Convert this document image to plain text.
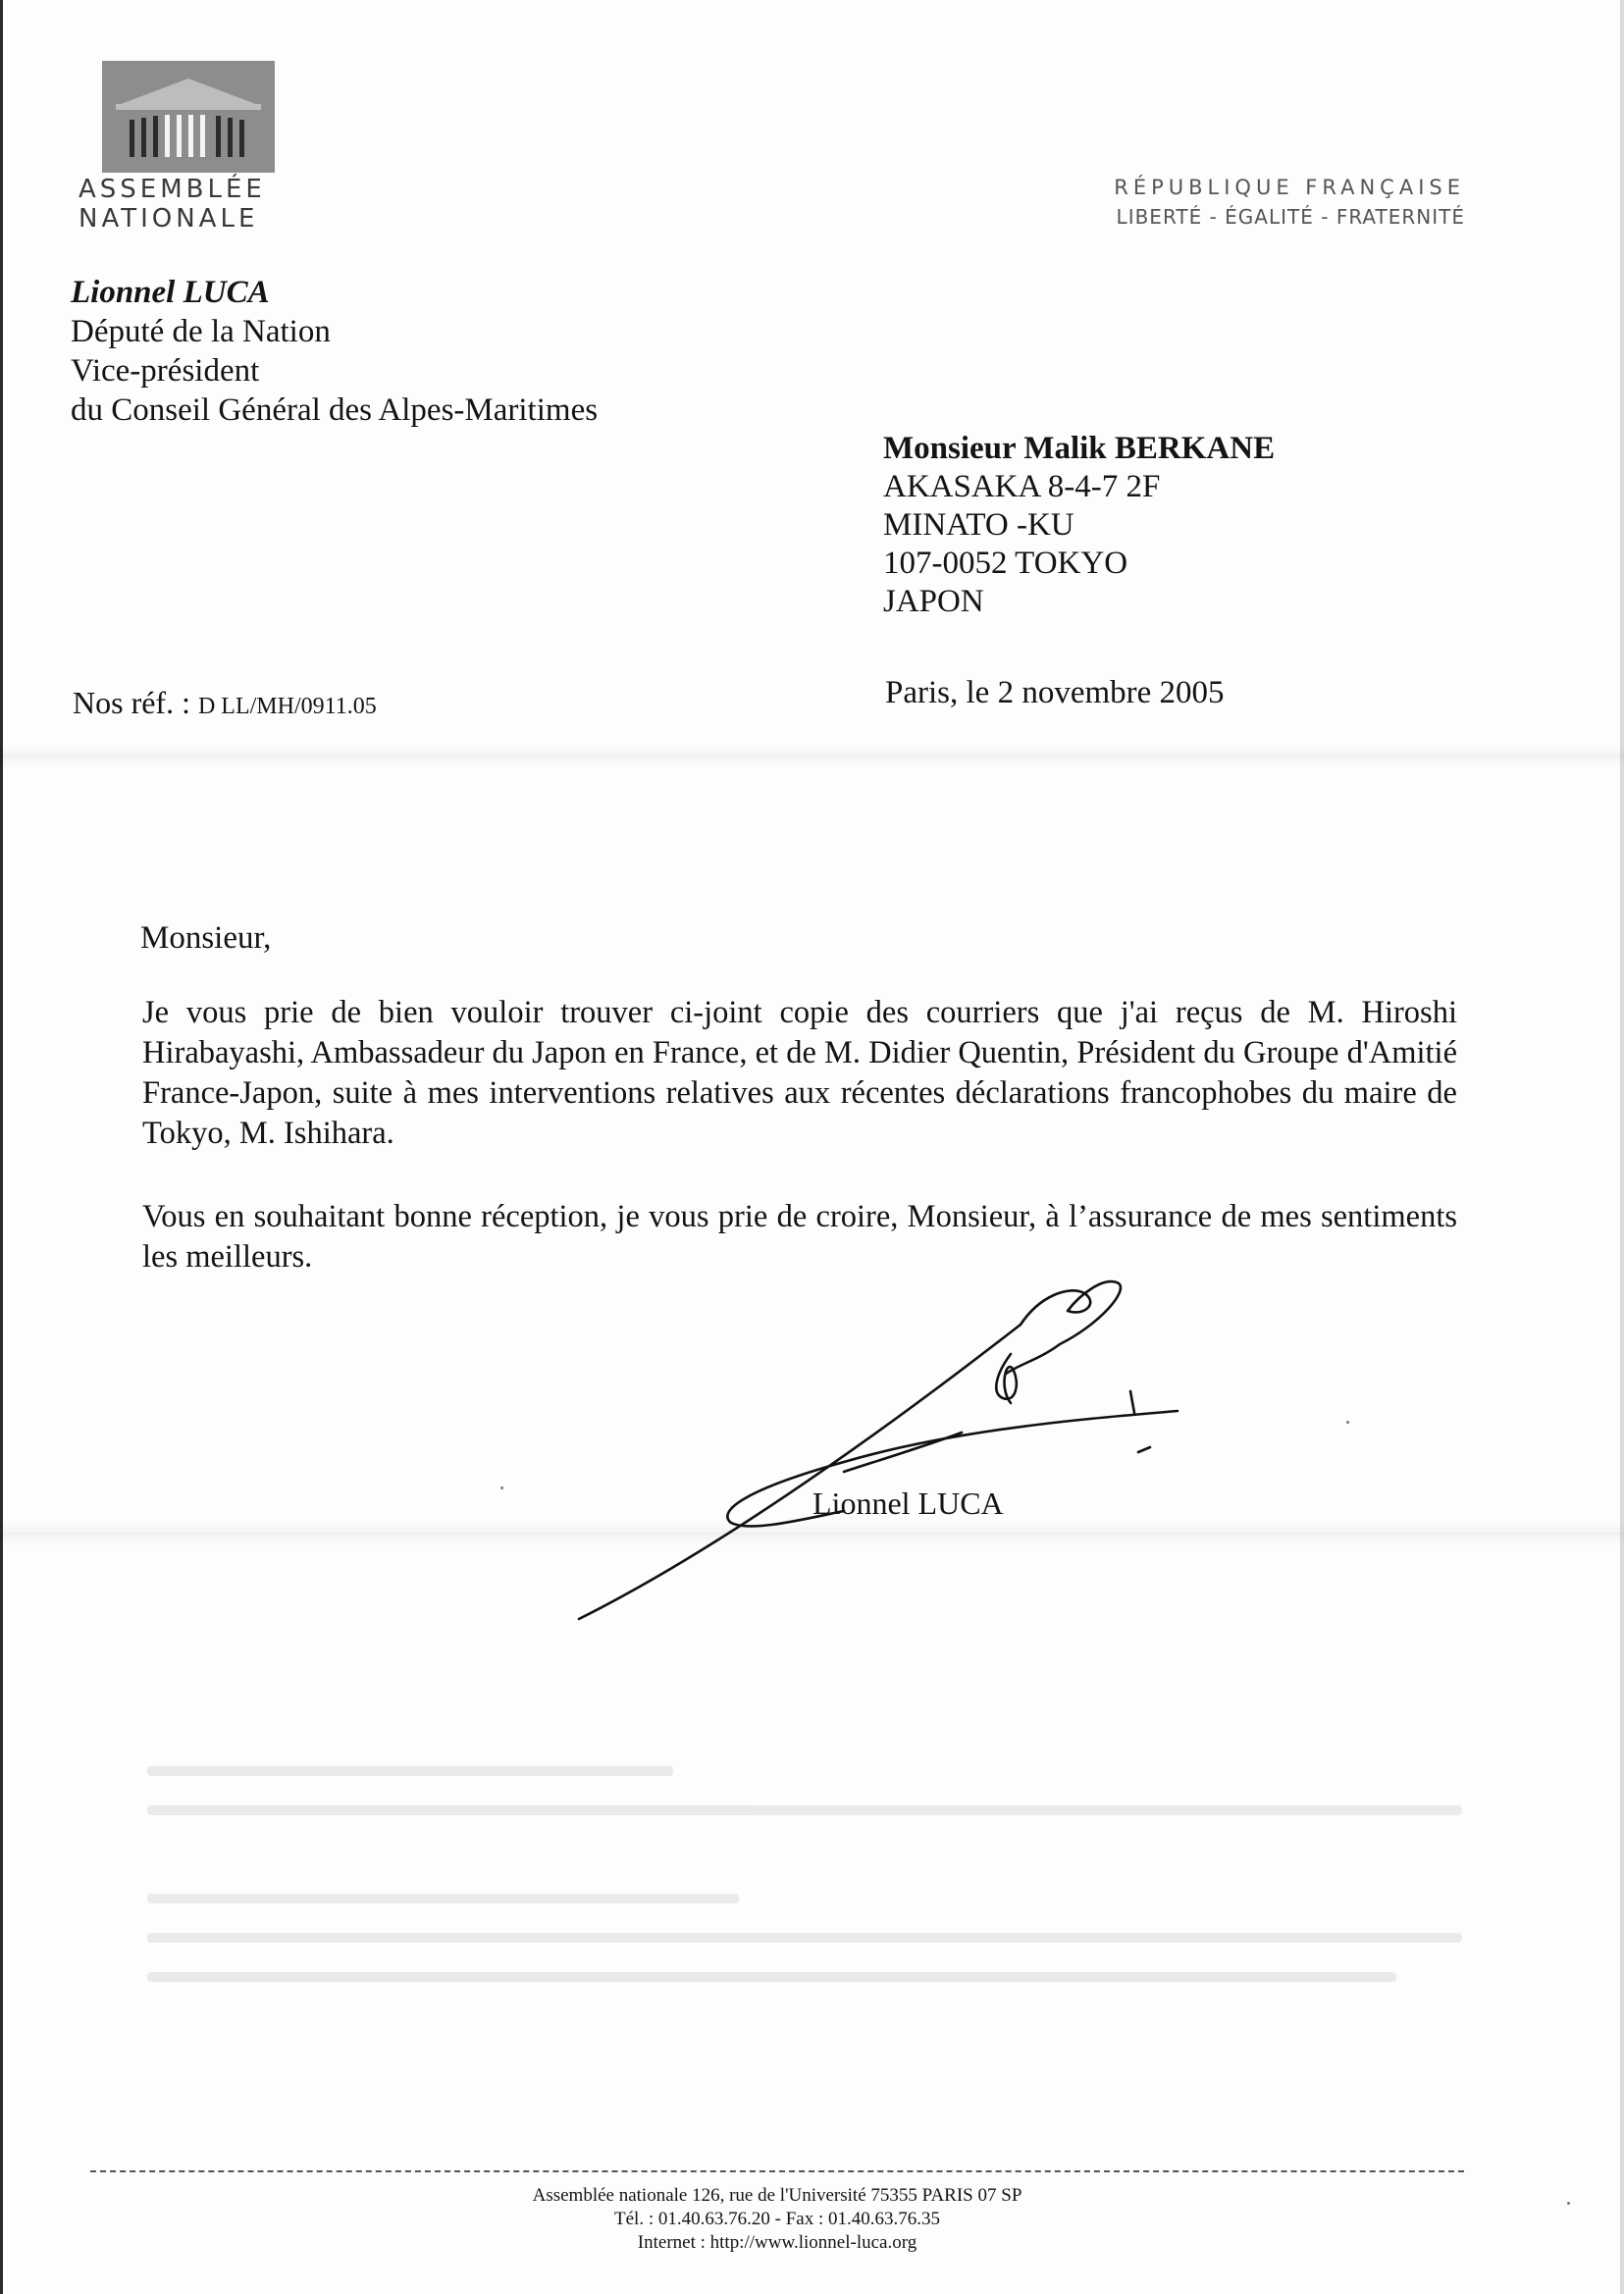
ASSEMBLÉE
NATIONALE
RÉPUBLIQUE FRANÇAISE
LIBERTÉ - ÉGALITÉ - FRATERNITÉ
Lionnel LUCA
Député de la Nation
Vice-président
du Conseil Général des Alpes-Maritimes
Monsieur Malik BERKANE
AKASAKA 8-4-7 2F
MINATO -KU
107-0052 TOKYO
JAPON
Nos réf. : D LL/MH/0911.05	Paris, le 2 novembre 2005
Monsieur,
Je vous prie de bien vouloir trouver ci-joint copie des courriers que j'ai reçus de M. Hiroshi Hirabayashi, Ambassadeur du Japon en France, et de M. Didier Quentin, Président du Groupe d'Amitié France-Japon, suite à mes interventions relatives aux récentes déclarations francophobes du maire de Tokyo, M. Ishihara.
Vous en souhaitant bonne réception, je vous prie de croire, Monsieur, à l’assurance de mes sentiments les meilleurs.
Lionnel LUCA
Assemblée nationale 126, rue de l'Université 75355 PARIS 07 SP
Tél. : 01.40.63.76.20 - Fax : 01.40.63.76.35
Internet : http://www.lionnel-luca.org
